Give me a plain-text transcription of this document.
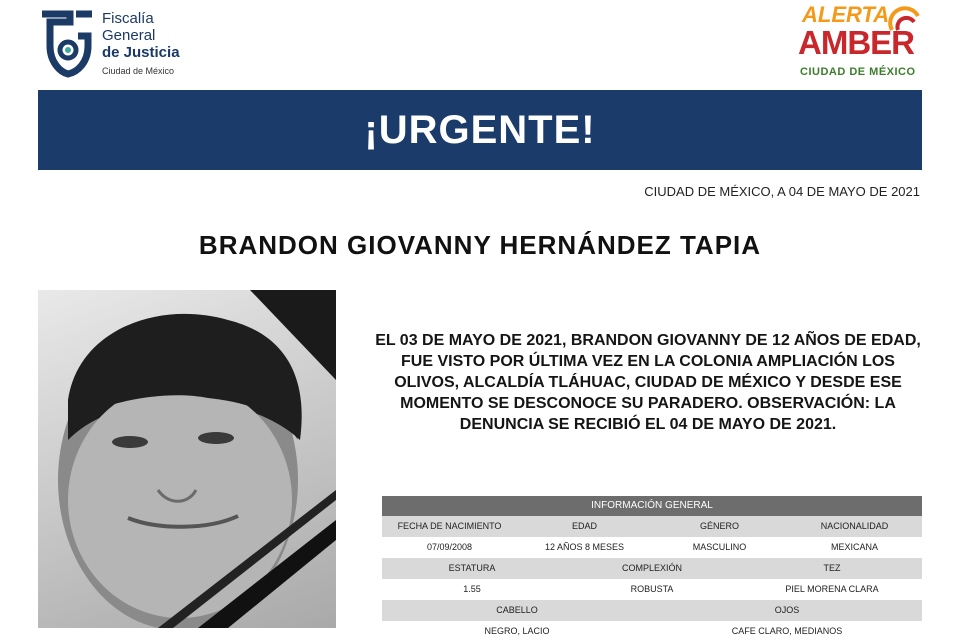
Fiscalía
General
de Justicia
Ciudad de México
ALERTA
AMBER
CIUDAD DE MÉXICO
¡URGENTE!
CIUDAD DE MÉXICO, A 04 DE MAYO DE 2021
BRANDON GIOVANNY HERNÁNDEZ TAPIA
EL 03 DE MAYO DE 2021, BRANDON GIOVANNY DE 12 AÑOS DE EDAD, FUE VISTO POR ÚLTIMA VEZ EN LA COLONIA AMPLIACIÓN LOS OLIVOS, ALCALDÍA TLÁHUAC, CIUDAD DE MÉXICO Y DESDE ESE MOMENTO SE DESCONOCE SU PARADERO. OBSERVACIÓN: LA DENUNCIA SE RECIBIÓ EL 04 DE MAYO DE 2021.
INFORMACIÓN GENERAL
FECHA DE NACIMIENTO	EDAD	GÉNERO	NACIONALIDAD
07/09/2008	12 AÑOS 8 MESES	MASCULINO	MEXICANA
ESTATURA	COMPLEXIÓN	TEZ
1.55	ROBUSTA	PIEL MORENA CLARA
CABELLO	OJOS
NEGRO, LACIO	CAFE CLARO, MEDIANOS
